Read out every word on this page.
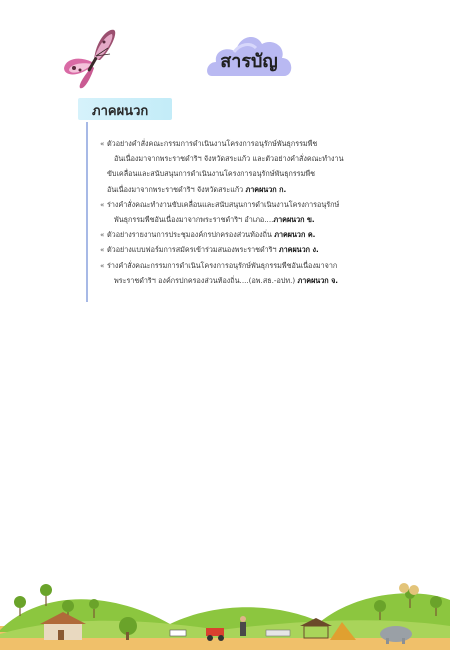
สารบัญ
ภาคผนวก
« ตัวอย่างคำสั่งคณะกรรมการดำเนินงานโครงการอนุรักษ์พันธุกรรมพืช
อันเนื่องมาจากพระราชดำริฯ จังหวัดสระแก้ว และตัวอย่างคำสั่งคณะทำงาน
ขับเคลื่อนและสนับสนุนการดำเนินงานโครงการอนุรักษ์พันธุกรรมพืช
อันเนื่องมาจากพระราชดำริฯ จังหวัดสระแก้ว ภาคผนวก ก.
« ร่างคำสั่งคณะทำงานขับเคลื่อนและสนับสนุนการดำเนินงานโครงการอนุรักษ์
พันธุกรรมพืชอันเนื่องมาจากพระราชดำริฯ อำเภอ....ภาคผนวก ข.
« ตัวอย่างรายงานการประชุมองค์กรปกครองส่วนท้องถิ่น ภาคผนวก ค.
« ตัวอย่างแบบฟอร์มการสมัครเข้าร่วมสนองพระราชดำริฯ ภาคผนวก ง.
« ร่างคำสั่งคณะกรรมการดำเนินโครงการอนุรักษ์พันธุกรรมพืชอันเนื่องมาจาก
พระราชดำริฯ องค์กรปกครองส่วนท้องถิ่น....(อพ.สธ.-อปท.) ภาคผนวก จ.
